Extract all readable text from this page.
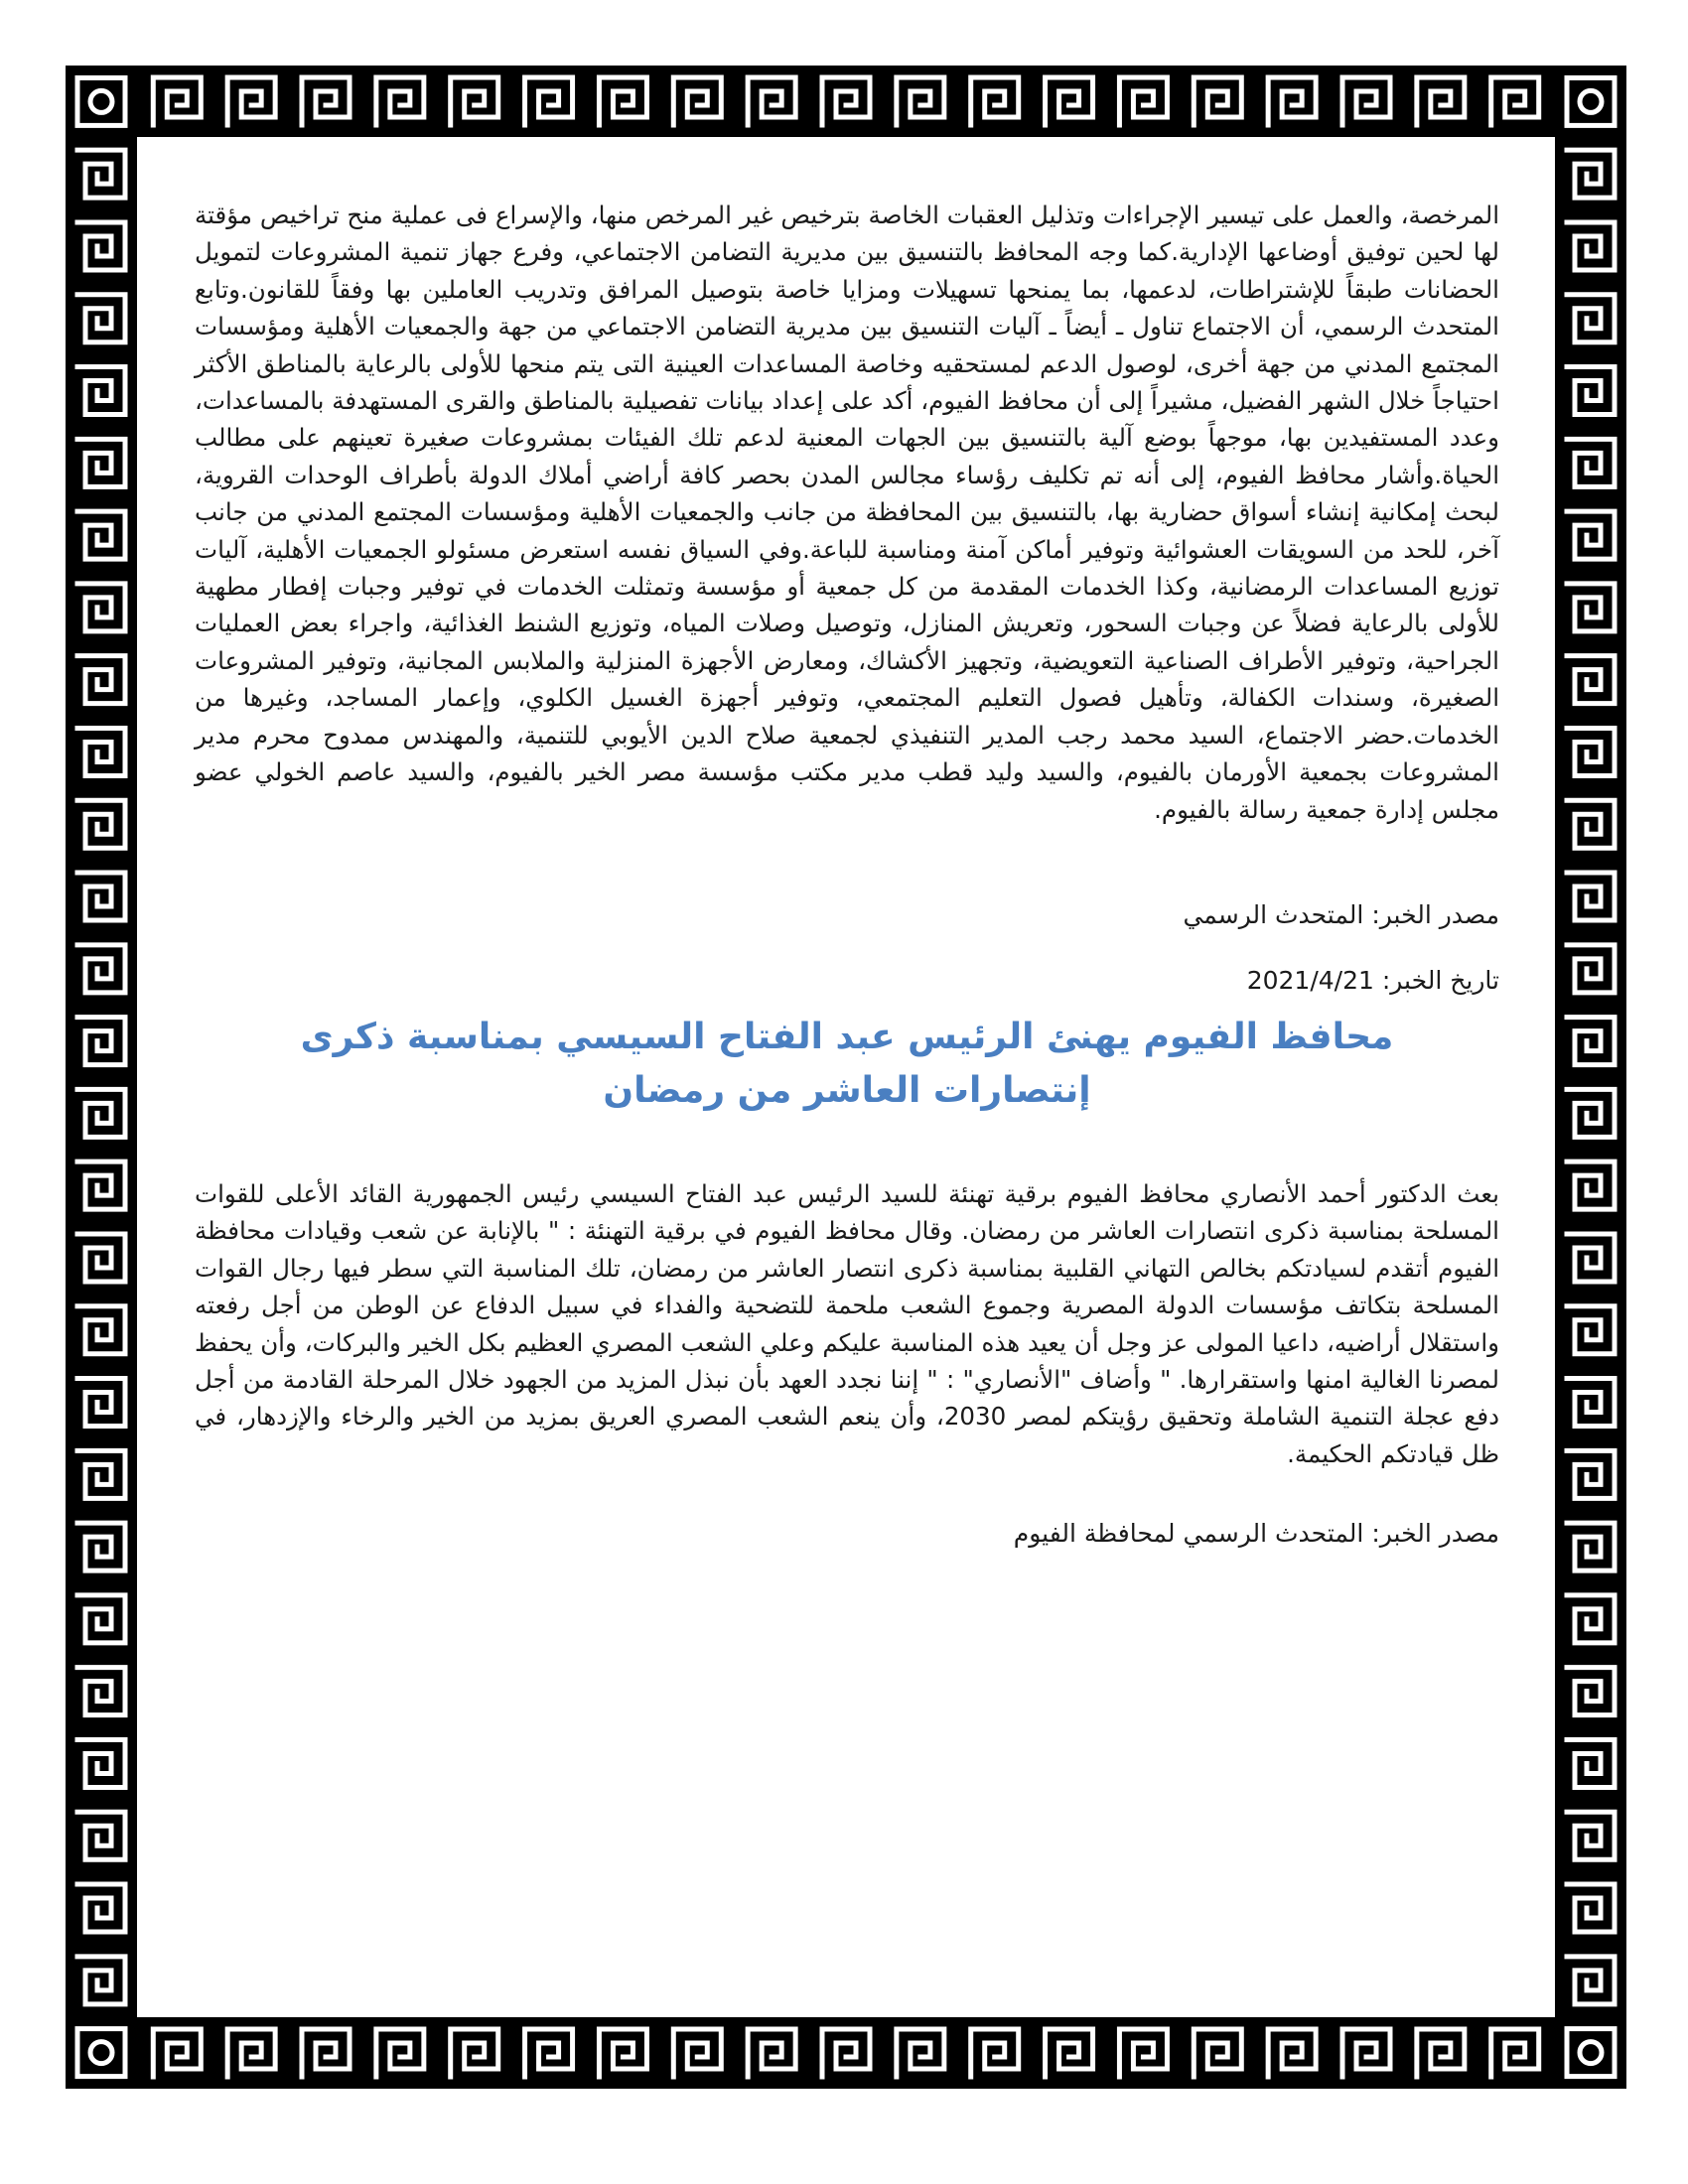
المرخصة، والعمل على تيسير الإجراءات وتذليل العقبات الخاصة بترخيص غير المرخص منها، والإسراع فى عملية منح تراخيص مؤقتة لها لحين توفيق أوضاعها الإدارية.كما وجه المحافظ بالتنسيق بين مديرية التضامن الاجتماعي، وفرع جهاز تنمية المشروعات لتمويل الحضانات طبقاً للإشتراطات، لدعمها، بما يمنحها تسهيلات ومزايا خاصة بتوصيل المرافق وتدريب العاملين بها وفقاً للقانون.وتابع المتحدث الرسمي، أن الاجتماع تناول ـ أيضاً ـ آليات التنسيق بين مديرية التضامن الاجتماعي من جهة والجمعيات الأهلية ومؤسسات المجتمع المدني من جهة أخرى، لوصول الدعم لمستحقيه وخاصة المساعدات العينية التى يتم منحها للأولى بالرعاية بالمناطق الأكثر احتياجاً خلال الشهر الفضيل، مشيراً إلى أن محافظ الفيوم، أكد على إعداد بيانات تفصيلية بالمناطق والقرى المستهدفة بالمساعدات، وعدد المستفيدين بها، موجهاً بوضع آلية بالتنسيق بين الجهات المعنية لدعم تلك الفيئات بمشروعات صغيرة تعينهم على مطالب الحياة.وأشار محافظ الفيوم، إلى أنه تم تكليف رؤساء مجالس المدن بحصر كافة أراضي أملاك الدولة بأطراف الوحدات القروية، لبحث إمكانية إنشاء أسواق حضارية بها، بالتنسيق بين المحافظة من جانب والجمعيات الأهلية ومؤسسات المجتمع المدني من جانب آخر، للحد من السويقات العشوائية وتوفير أماكن آمنة ومناسبة للباعة.وفي السياق نفسه استعرض مسئولو الجمعيات الأهلية، آليات توزيع المساعدات الرمضانية، وكذا الخدمات المقدمة من كل جمعية أو مؤسسة وتمثلت الخدمات في توفير وجبات إفطار مطهية للأولى بالرعاية فضلاً عن وجبات السحور، وتعريش المنازل، وتوصيل وصلات المياه، وتوزيع الشنط الغذائية، واجراء بعض العمليات الجراحية، وتوفير الأطراف الصناعية التعويضية، وتجهيز الأكشاك، ومعارض الأجهزة المنزلية والملابس المجانية، وتوفير المشروعات الصغيرة، وسندات الكفالة، وتأهيل فصول التعليم المجتمعي، وتوفير أجهزة الغسيل الكلوي، وإعمار المساجد، وغيرها من الخدمات.حضر الاجتماع، السيد محمد رجب المدير التنفيذي لجمعية صلاح الدين الأيوبي للتنمية، والمهندس ممدوح محرم مدير المشروعات بجمعية الأورمان بالفيوم، والسيد وليد قطب مدير مكتب مؤسسة مصر الخير بالفيوم، والسيد عاصم الخولي عضو مجلس إدارة جمعية رسالة بالفيوم.

مصدر الخبر: المتحدث الرسمي

تاريخ الخبر: 2021/4/21

محافظ الفيوم يهنئ الرئيس عبد الفتاح السيسي بمناسبة ذكرى إنتصارات العاشر من رمضان

بعث الدكتور أحمد الأنصاري محافظ الفيوم برقية تهنئة للسيد الرئيس عبد الفتاح السيسي رئيس الجمهورية القائد الأعلى للقوات المسلحة بمناسبة ذكرى انتصارات العاشر من رمضان. وقال محافظ الفيوم في برقية التهنئة : " بالإنابة عن شعب وقيادات محافظة الفيوم أتقدم لسيادتكم بخالص التهاني القلبية بمناسبة ذكرى انتصار العاشر من رمضان، تلك المناسبة التي سطر فيها رجال القوات المسلحة بتكاتف مؤسسات الدولة المصرية وجموع الشعب ملحمة للتضحية والفداء في سبيل الدفاع عن الوطن من أجل رفعته واستقلال أراضيه، داعيا المولى عز وجل أن يعيد هذه المناسبة عليكم وعلي الشعب المصري العظيم بكل الخير والبركات، وأن يحفظ لمصرنا الغالية امنها واستقرارها. " وأضاف "الأنصاري" : " إننا نجدد العهد بأن نبذل المزيد من الجهود خلال المرحلة القادمة من أجل دفع عجلة التنمية الشاملة وتحقيق رؤيتكم لمصر 2030، وأن ينعم الشعب المصري العريق بمزيد من الخير والرخاء والإزدهار، في ظل قيادتكم الحكيمة.

مصدر الخبر: المتحدث الرسمي لمحافظة الفيوم
